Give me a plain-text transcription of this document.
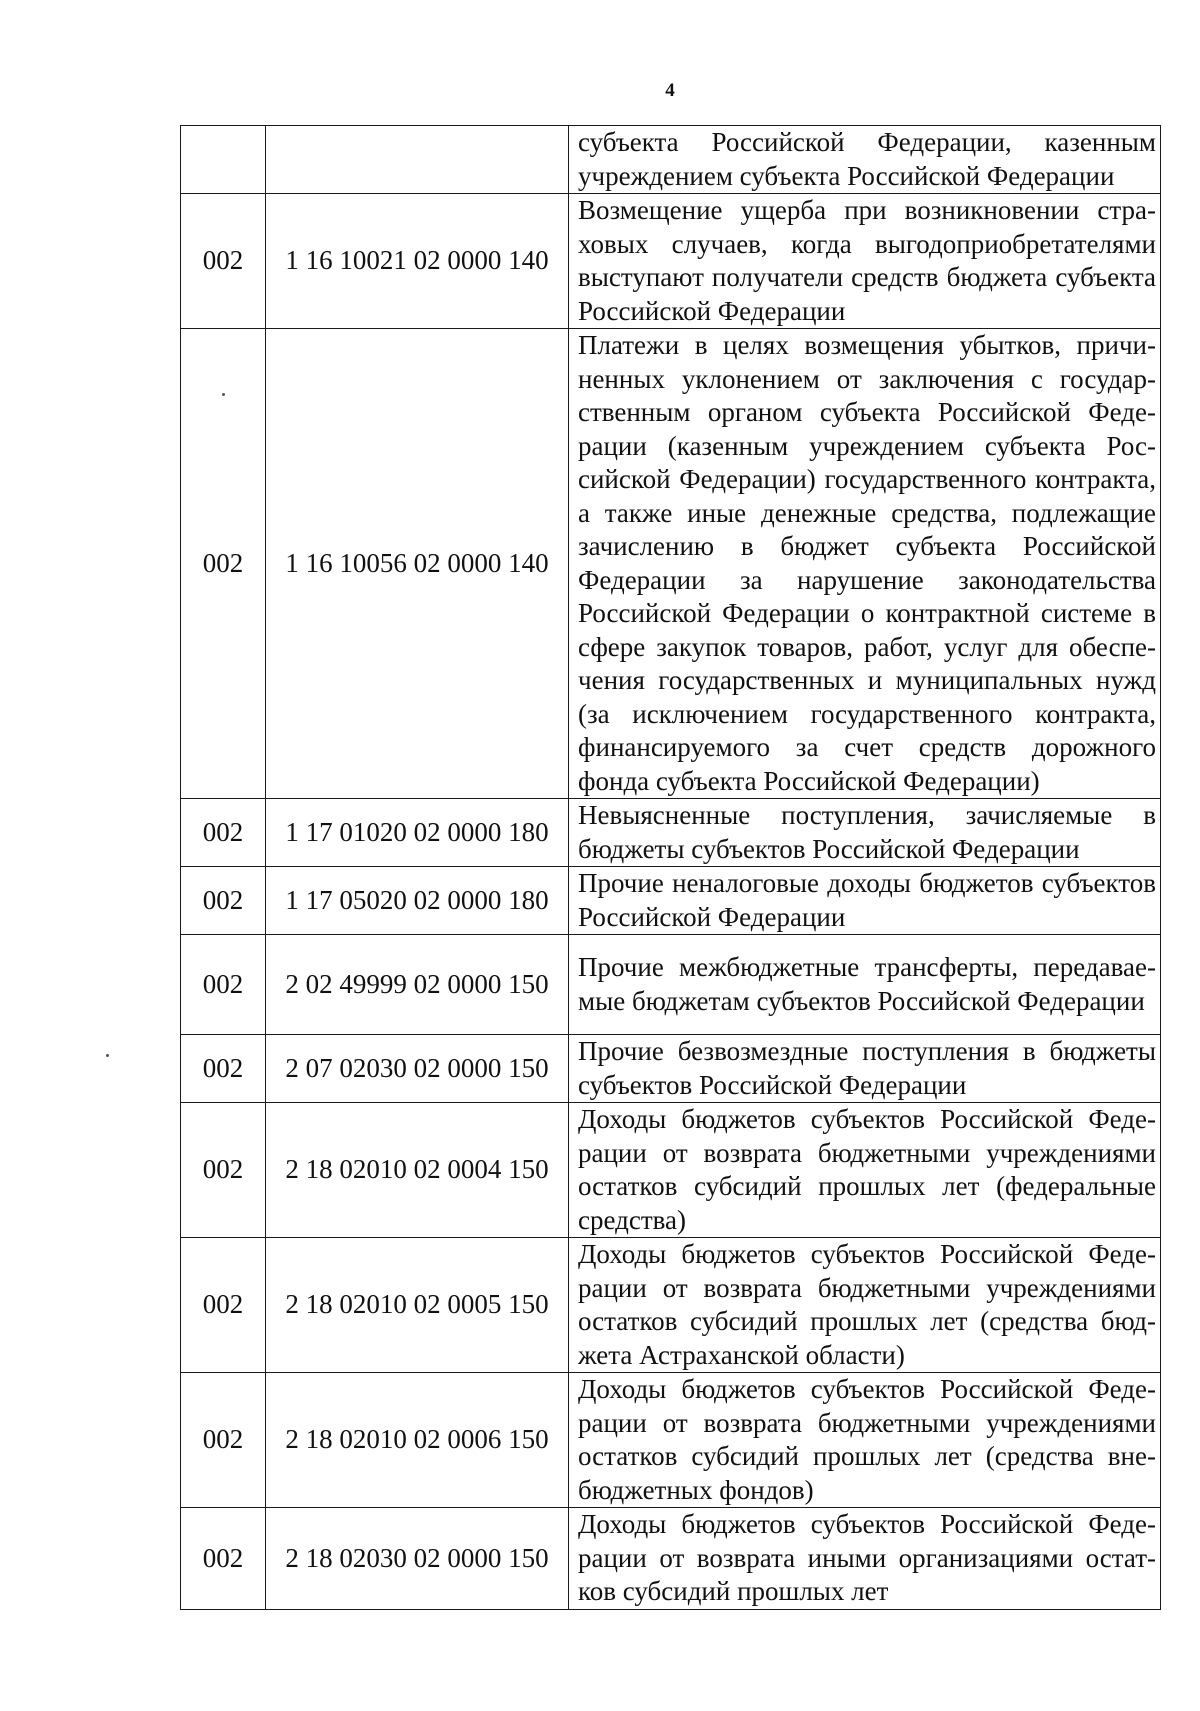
4

		субъекта Российской Федерации, казенным учреждением субъекта Российской Федерации

002	1 16 10021 02 0000 140	Возмещение ущерба при возникновении страховых случаев, когда выгодоприобретателями выступают получатели средств бюджета субъекта Российской Федерации

002	1 16 10056 02 0000 140	Платежи в целях возмещения убытков, причиненных уклонением от заключения с государственным органом субъекта Российской Федерации (казенным учреждением субъекта Российской Федерации) государственного контракта, а также иные денежные средства, подлежащие зачислению в бюджет субъекта Российской Федерации за нарушение законодательства Российской Федерации о контрактной системе в сфере закупок товаров, работ, услуг для обеспечения государственных и муниципальных нужд (за исключением государственного контракта, финансируемого за счет средств дорожного фонда субъекта Российской Федерации)

002	1 17 01020 02 0000 180	Невыясненные поступления, зачисляемые в бюджеты субъектов Российской Федерации

002	1 17 05020 02 0000 180	Прочие неналоговые доходы бюджетов субъектов Российской Федерации

002	2 02 49999 02 0000 150	Прочие межбюджетные трансферты, передаваемые бюджетам субъектов Российской Федерации

002	2 07 02030 02 0000 150	Прочие безвозмездные поступления в бюджеты субъектов Российской Федерации

002	2 18 02010 02 0004 150	Доходы бюджетов субъектов Российской Федерации от возврата бюджетными учреждениями остатков субсидий прошлых лет (федеральные средства)

002	2 18 02010 02 0005 150	Доходы бюджетов субъектов Российской Федерации от возврата бюджетными учреждениями остатков субсидий прошлых лет (средства бюджета Астраханской области)

002	2 18 02010 02 0006 150	Доходы бюджетов субъектов Российской Федерации от возврата бюджетными учреждениями остатков субсидий прошлых лет (средства внебюджетных фондов)

002	2 18 02030 02 0000 150	Доходы бюджетов субъектов Российской Федерации от возврата иными организациями остатков субсидий прошлых лет
